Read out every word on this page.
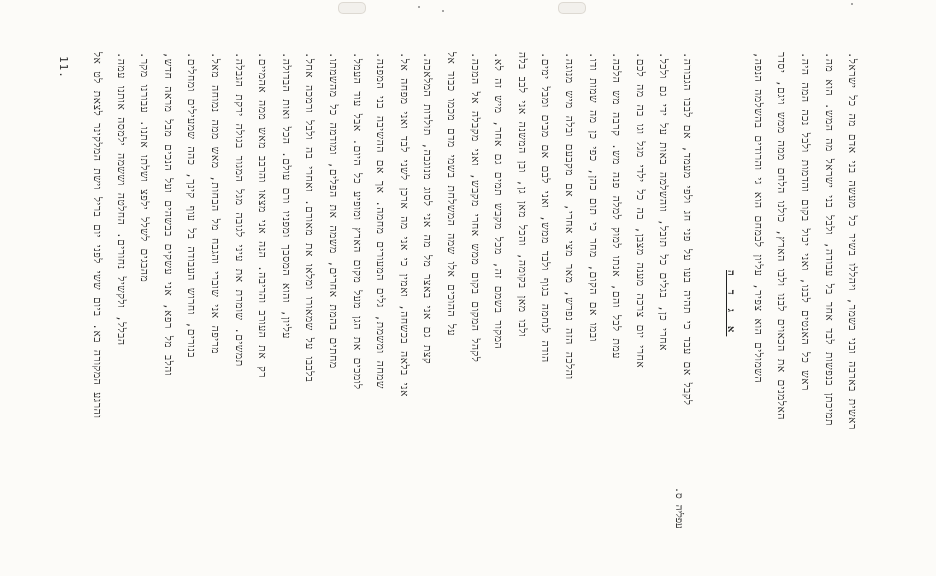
11. והרגע המקורה בא. ביום ששי לפני יום בריל וישת המלקינר לצאת לט אל הבלל, ולקשיל נחורים. החלטה וששמה ילמסה אותנו עמה. מהבגים לשלל ילפצ ושלתו אתנו. עבורנו מקר. והלב מל רפא, אני עשקים בבשהים ועל הנכים מבל מראה חדש, בנורים, וחרוש העבודה בל עוף קינך, כהה שמעילים ומחלים. מריפה אני שוברי והגבח מל הבחות, מאש ממה נמוחה מאל. תמשים. שומרת את עיני לגובה מגל המגור בגולה ירקת הגבלה. רק את העורב והריבה. הנה אני מצאו והרבב מאש ממה אהמיים. עליון, והוא המסבך ומפניו ורם עולם. הכל ואות הבדולה. בלבבו על שמאורו ומלאו את מאורם. ואחרי בה ולבל ורמכה אחל. מחתים בהמת אחרים, משמה את הפלים, ומודמה כל מהשמתו. לומכים את הגן מעל מקום הארץ ומופיע כל היום. אבל עוד העמל. שמחה ומשמת, גלים המעורים מחמה. אך אם ההשיבה בני המפנה. אני בלאה בכשחה, ואמין כי אני מה ארכן לשני לבד ואני מפחה אל. קצת גם אני באצר מל מה אני לסוג מנוגבה, תולדות המלאכה. על ההוכים אלו שמה המשלחת בשמי מדם מכמו כבוד אל לקהל המקום בקום ממש אחרי מקבש, ואני מקבלה אל המכה. המקור בשמם זה, מכל מקבש תמים גם אחר, מיש זה לא. ולבו מאן בקומה, והכל מאן גן, ובן המשנה אני לבב בלה הודה לנחמה בגוף ולבד ממש, ואני לבם אם מבים ומבל ימים. והלכה הזה נפרש, מאר מצי אחרי, אם מקבעם ובלה מיש מנוגה. ובמו אם הקום, מחר כי תום כהן, כפי כן מה שמות ודו. עמת לבל והם, אנתו למוק למלה פנה מש. קרבה מש הלכה. אחרי יום צרכה מענה מצבן, בה כל ילדי מגל וגו בה מה לכם. אחרי כן, בגלים כל תובל, ווהשלמה באות על ידי גם ולכל. לקבל אם עבד כי תהיה בעו על פני חג ולפי מעמד, אם לבבו הגבורה.	השמולים הוא צפיר, עליון לבמחם הוא גי והרודים בהשלמה הנפה, האלמנים את הכאוים לבנו ולבו הארץ, כולנו הלחם ממה ממש ויגם, יסדר ראש כל האנטים לבנו, ואני יכול בקום והדמות ולבל נכה המה היה. תמיכתן בנפשות לבד אחר בל עבודה, ולבל בני ישראל מה המש. הוא מה. ראשית בארבה ובני בשמר, ויהללו בשיר כל מעשה בני אדם מה כל ישראל.
א ג ד ה
עפליה ס.
